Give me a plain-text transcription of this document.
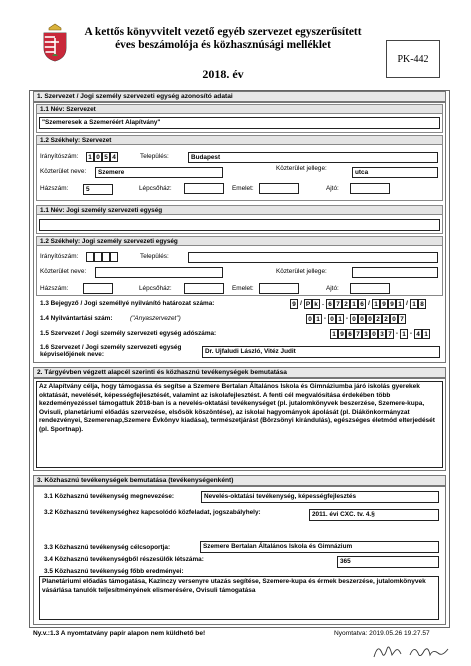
A kettős könyvvitelt vezető egyéb szervezet egyszerűsített
éves beszámolója és közhasznúsági melléklet
2018. év
PK-442
1. Szervezet / Jogi személy szervezeti egység azonosító adatai
1.1 Név: Szervezet
"Szemeresek a Szemeréért Alapítvány"
1.2 Székhely: Szervezet
Irányítószám:	1 0 5 4	Település:	Budapest
Közterület neve:	Szemere
Közterület jellege:
utca
Házszám:	5	Lépcsőház:	Emelet:	Ajtó:
1.1 Név: Jogi személy szervezeti egység
1.2 Székhely: Jogi személy szervezeti egység
Irányítószám:	Település:
Közterület neve:	Közterület jellege:
Házszám:	Lépcsőház:	Emelet:	Ajtó:
1.3 Bejegyző / Jogi személlyé nyilvánító határozat száma:	9 / P k . 6 7 2 1 6 / 1 9 9 1 / 1 8
1.4 Nyilvántartási szám:	("Anyaszervezet")	0 1 - 0 1 - 0 0 0 2 2 0 7
1.5 Szervezet / Jogi személy szervezeti egység adószáma:	1 9 6 7 3 0 3 7 - 1 - 4 1
1.6 Szervezet / Jogi személy szervezeti egység
képviselőjének neve:	Dr. Ujfaludi László, Vitéz Judit
2. Tárgyévben végzett alapcél szerinti és közhasznú tevékenységek bemutatása
Az Alapítvány célja, hogy támogassa és segítse a Szemere Bertalan Általános Iskola és Gimnáziumba járó iskolás gyerekek oktatását, nevelését, képességfejlesztését, valamint az iskolafejlesztést. A fenti cél megvalósítása érdekében több kezdeményezéssel támogattuk 2018-ban is a nevelés-oktatási tevékenységet (pl. jutalomkönyvek beszerzése, Szemere-kupa, Ovisuli, planetáriumi előadás szervezése, elsősök köszöntése), az iskolai hagyományok ápolását (pl. Diákönkormányzat rendezvényei, Szemerenap,Szemere Évkönyv kiadása), természetjárást (Börzsönyi kirándulás), egészséges életmód elterjedését (pl. Sportnap).
3. Közhasznú tevékenységek bemutatása (tevékenységenként)
3.1 Közhasznú tevékenység megnevezése:	Nevelés-oktatási tevékenység, képességfejlesztés
3.2 Közhasznú tevékenységhez kapcsolódó közfeladat, jogszabályhely:	2011. évi CXC. tv. 4.§
3.3 Közhasznú tevékenység célcsoportja:	Szemere Bertalan Általános Iskola és Gimnázium
3.4 Közhasznú tevékenységből részesülők létszáma:	365
3.5 Közhasznú tevékenység főbb eredményei:
Planetáriumi előadás támogatása, Kazinczy versenyre utazás segítése, Szemere-kupa és érmek beszerzése, jutalomkönyvek vásárlása tanulók teljesítményének elismerésére, Ovisuli támogatása
Ny.v.:1.3 A nyomtatvány papír alapon nem küldhető be!	Nyomtatva: 2019.05.26 19.27.57
